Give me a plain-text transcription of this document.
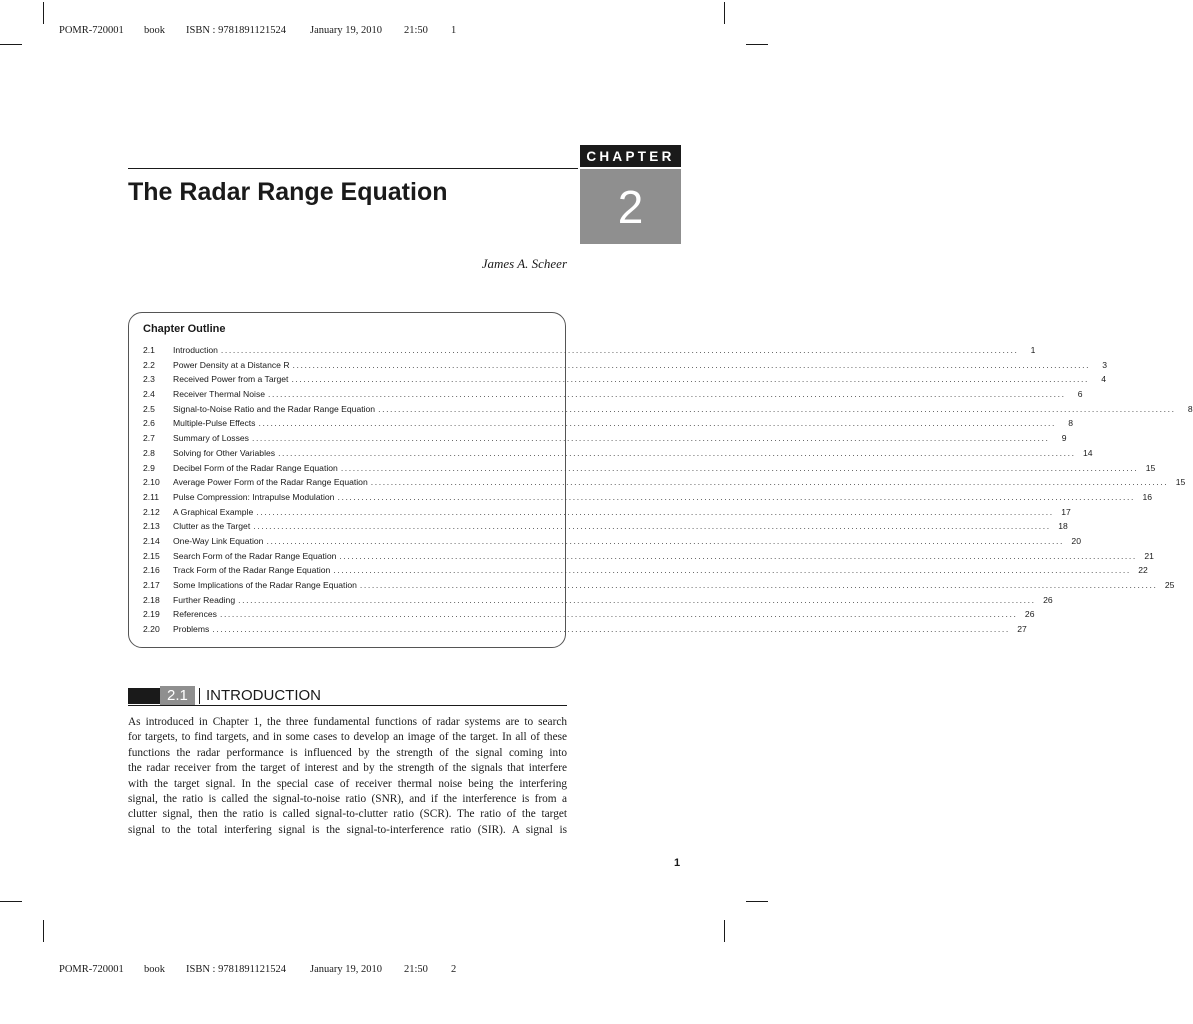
POMR-720001 book ISBN : 9781891121524 January 19, 2010 21:50 1
CHAPTER
2
The Radar Range Equation
James A. Scheer
Chapter Outline
2.1	Introduction ........................................................................................................................................................................................................	1
2.2	Power Density at a Distance R ........................................................................................................................................................................................................	3
2.3	Received Power from a Target ........................................................................................................................................................................................................	4
2.4	Receiver Thermal Noise ........................................................................................................................................................................................................	6
2.5	Signal-to-Noise Ratio and the Radar Range Equation ........................................................................................................................................................................................................	8
2.6	Multiple-Pulse Effects ........................................................................................................................................................................................................	8
2.7	Summary of Losses ........................................................................................................................................................................................................	9
2.8	Solving for Other Variables ........................................................................................................................................................................................................ 14
2.9	Decibel Form of the Radar Range Equation ........................................................................................................................................................................................................ 15
2.10	Average Power Form of the Radar Range Equation ........................................................................................................................................................................................................ 15
2.11	Pulse Compression: Intrapulse Modulation ........................................................................................................................................................................................................ 16
2.12	A Graphical Example ........................................................................................................................................................................................................ 17
2.13	Clutter as the Target ........................................................................................................................................................................................................ 18
2.14	One-Way Link Equation ........................................................................................................................................................................................................ 20
2.15	Search Form of the Radar Range Equation ........................................................................................................................................................................................................ 21
2.16	Track Form of the Radar Range Equation ........................................................................................................................................................................................................ 22
2.17	Some Implications of the Radar Range Equation ........................................................................................................................................................................................................ 25
2.18	Further Reading ........................................................................................................................................................................................................ 26
2.19	References ........................................................................................................................................................................................................ 26
2.20	Problems ........................................................................................................................................................................................................ 27
2.1	INTRODUCTION
As introduced in Chapter 1, the three fundamental functions of radar systems are to search
for targets, to find targets, and in some cases to develop an image of the target. In all of these
functions the radar performance is influenced by the strength of the signal coming into
the radar receiver from the target of interest and by the strength of the signals that interfere
with the target signal. In the special case of receiver thermal noise being the interfering
signal, the ratio is called the signal-to-noise ratio (SNR), and if the interference is from a
clutter signal, then the ratio is called signal-to-clutter ratio (SCR). The ratio of the target
signal to the total interfering signal is the signal-to-interference ratio (SIR). A signal is
1
POMR-720001 book ISBN : 9781891121524 January 19, 2010 21:50 2
